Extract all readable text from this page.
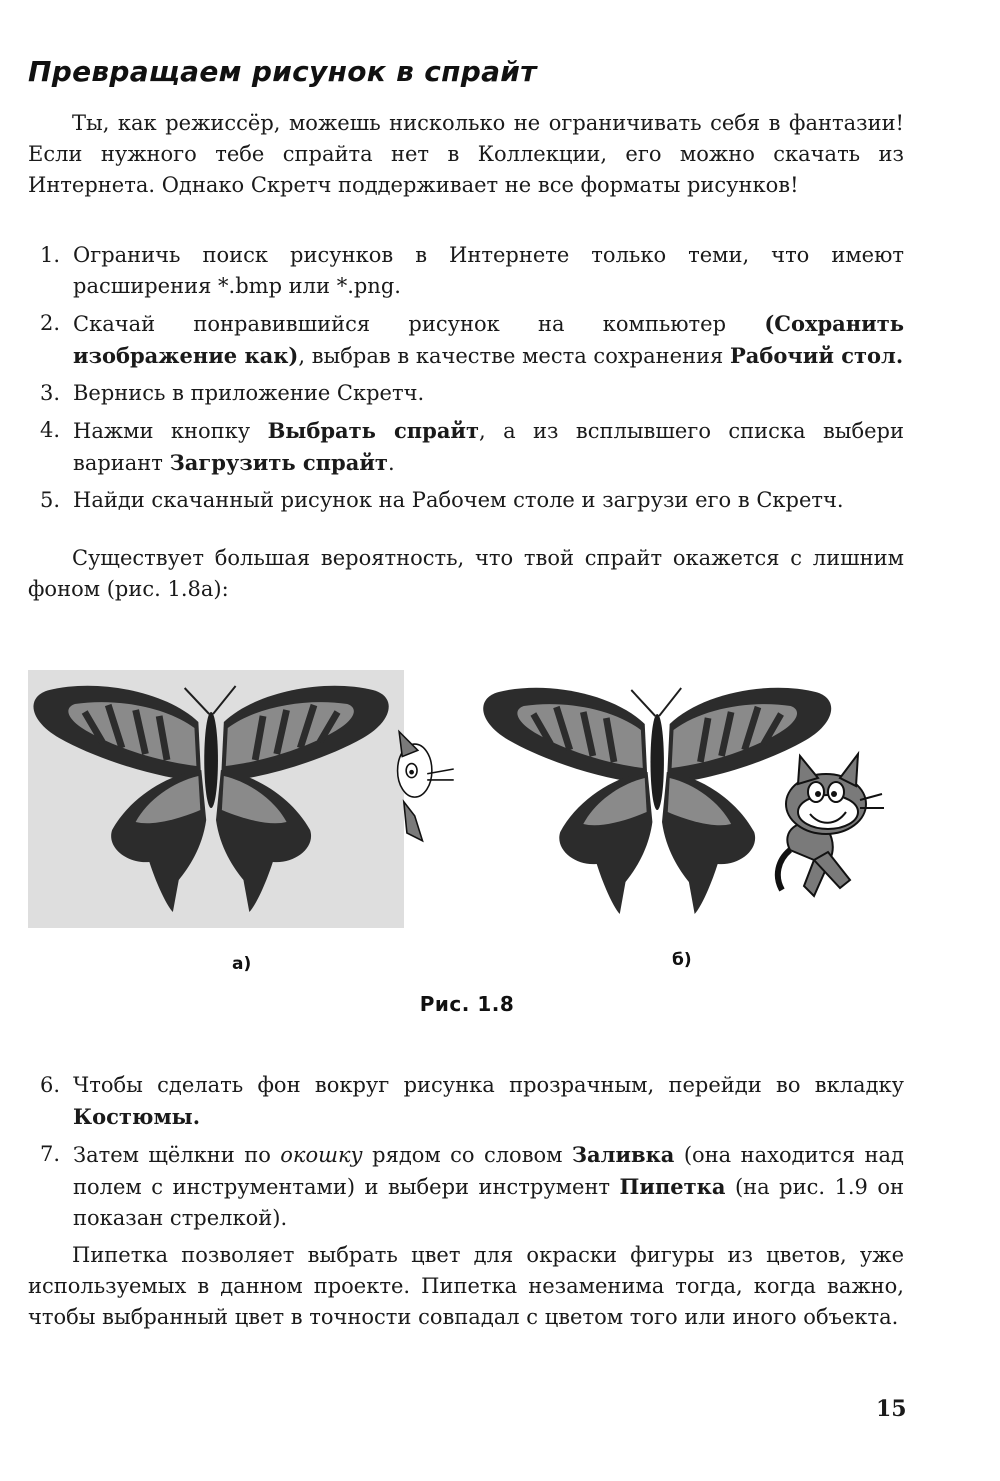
Превращаем рисунок в спрайт

Ты, как режиссёр, можешь нисколько не ограничивать себя в фантазии! Если нужного тебе спрайта нет в Коллекции, его можно скачать из Интернета. Однако Скретч поддерживает не все форматы рисунков!

1. Ограничь поиск рисунков в Интернете только теми, что имеют расширения *.bmp или *.png.
2. Скачай понравившийся рисунок на компьютер (Сохранить изображение как), выбрав в качестве места сохранения Рабочий стол.
3. Вернись в приложение Скретч.
4. Нажми кнопку Выбрать спрайт, а из всплывшего списка выбери вариант Загрузить спрайт.
5. Найди скачанный рисунок на Рабочем столе и загрузи его в Скретч.

Существует большая вероятность, что твой спрайт окажется с лишним фоном (рис. 1.8а):

а)	б)
Рис. 1.8
6. Чтобы сделать фон вокруг рисунка прозрачным, перейди во вкладку Костюмы.
7. Затем щёлкни по окошку рядом со словом Заливка (она находится над полем с инструментами) и выбери инструмент Пипетка (на рис. 1.9 он показан стрелкой).

Пипетка позволяет выбрать цвет для окраски фигуры из цветов, уже используемых в данном проекте. Пипетка незаменима тогда, когда важно, чтобы выбранный цвет в точности совпадал с цветом того или иного объекта.

15
